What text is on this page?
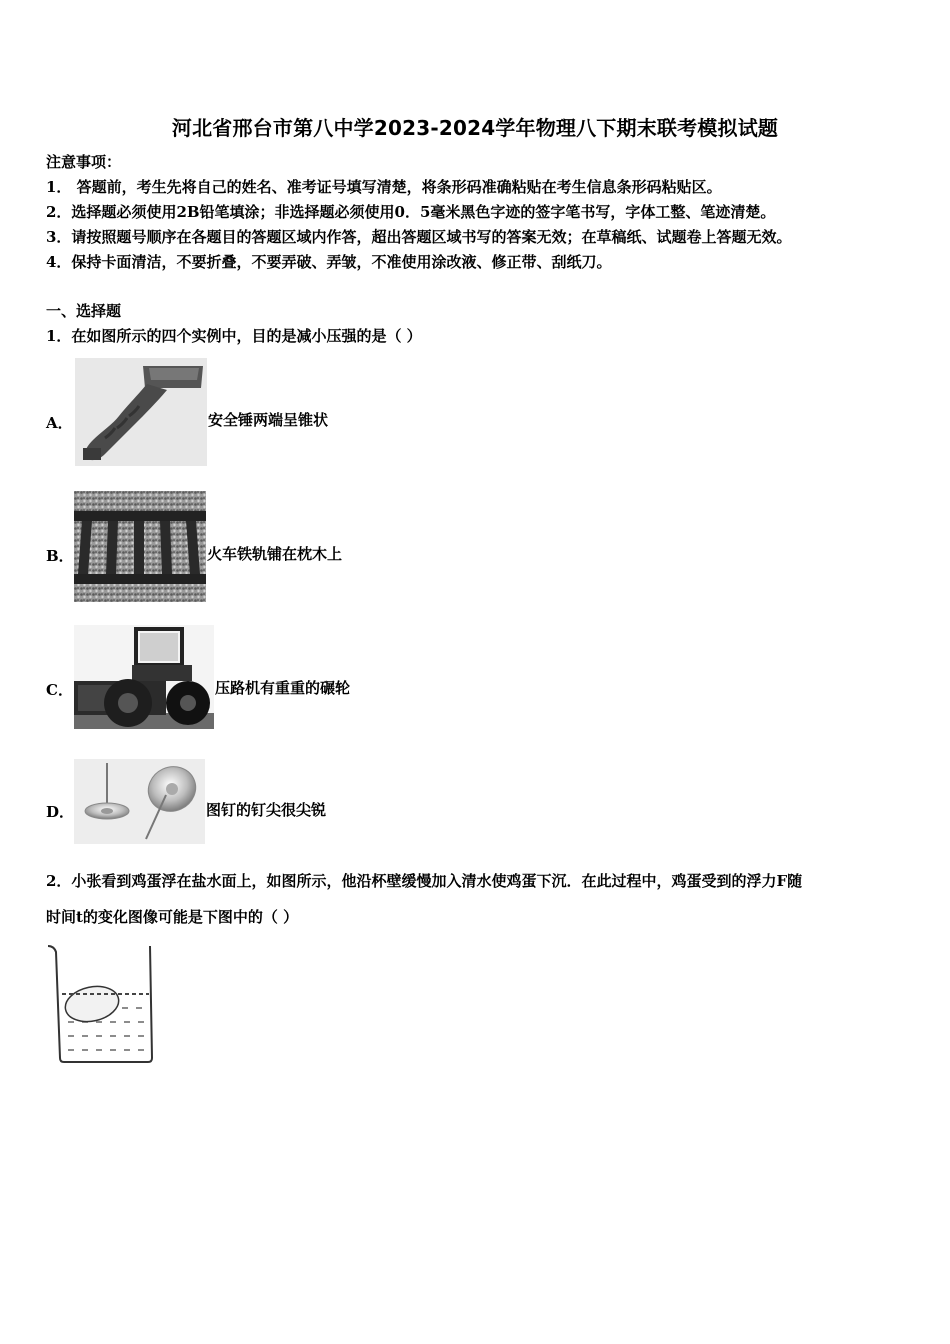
河北省邢台市第八中学2023-2024学年物理八下期末联考模拟试题
注意事项：
1． 答题前，考生先将自己的姓名、准考证号填写清楚，将条形码准确粘贴在考生信息条形码粘贴区。
2．选择题必须使用2B铅笔填涂；非选择题必须使用0．5毫米黑色字迹的签字笔书写，字体工整、笔迹清楚。
3．请按照题号顺序在各题目的答题区域内作答，超出答题区域书写的答案无效；在草稿纸、试题卷上答题无效。
4．保持卡面清洁，不要折叠，不要弄破、弄皱，不准使用涂改液、修正带、刮纸刀。
一、选择题
1．在如图所示的四个实例中，目的是减小压强的是（ ）
A．	安全锤两端呈锥状
B．	火车铁轨铺在枕木上
C．	压路机有重重的碾轮
D．	图钉的钉尖很尖锐
2．小张看到鸡蛋浮在盐水面上，如图所示，他沿杯壁缓慢加入清水使鸡蛋下沉．在此过程中，鸡蛋受到的浮力F随
时间t的变化图像可能是下图中的（ ）
